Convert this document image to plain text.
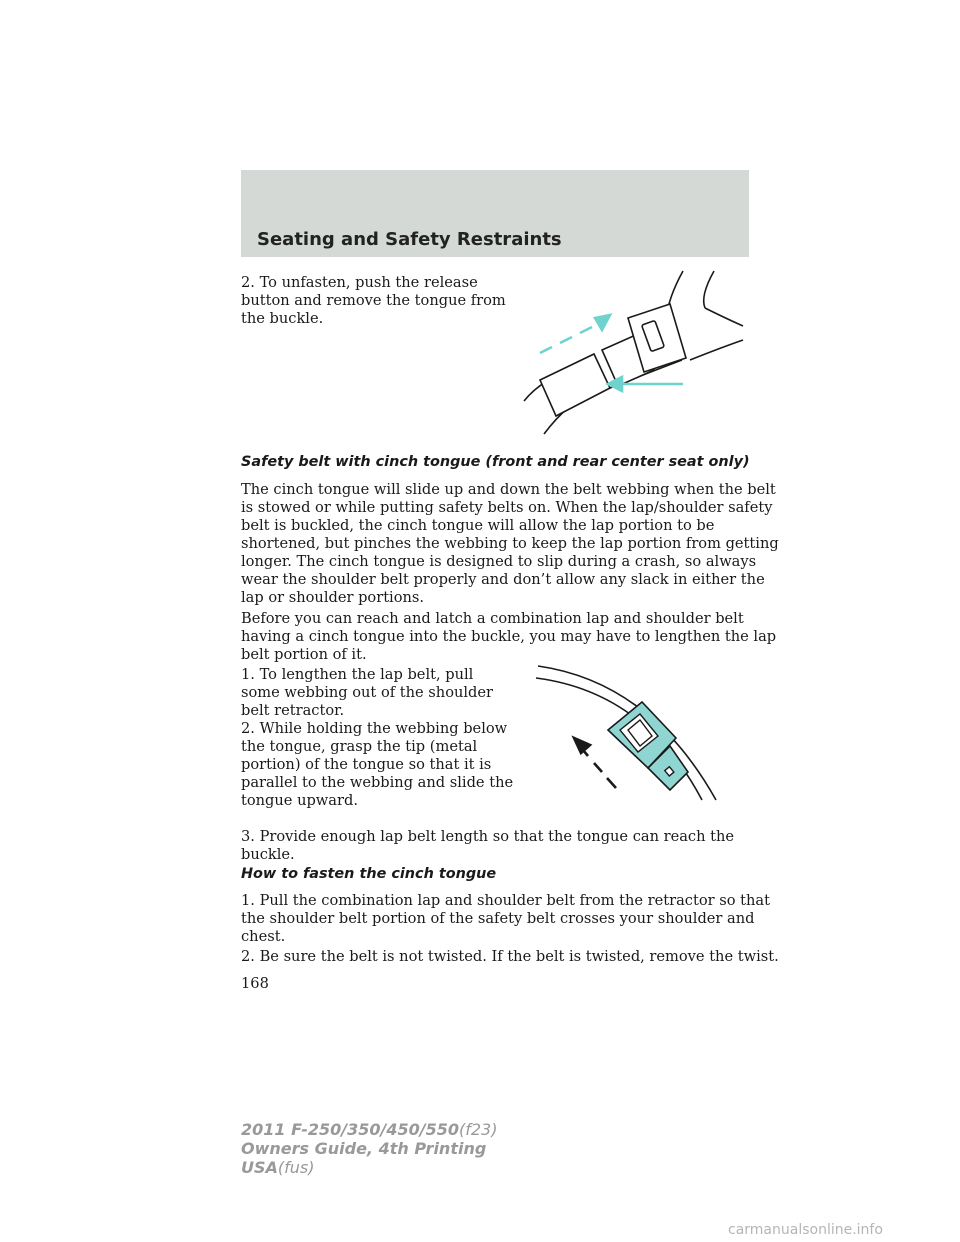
Seating and Safety Restraints

2. To unfasten, push the release
button and remove the tongue from
the buckle.

Safety belt with cinch tongue (front and rear center seat only)

The cinch tongue will slide up and down the belt webbing when the belt
is stowed or while putting safety belts on. When the lap/shoulder safety
belt is buckled, the cinch tongue will allow the lap portion to be
shortened, but pinches the webbing to keep the lap portion from getting
longer. The cinch tongue is designed to slip during a crash, so always
wear the shoulder belt properly and don’t allow any slack in either the
lap or shoulder portions.

Before you can reach and latch a combination lap and shoulder belt
having a cinch tongue into the buckle, you may have to lengthen the lap
belt portion of it.

1. To lengthen the lap belt, pull
some webbing out of the shoulder
belt retractor.

2. While holding the webbing below
the tongue, grasp the tip (metal
portion) of the tongue so that it is
parallel to the webbing and slide the
tongue upward.

3. Provide enough lap belt length so that the tongue can reach the
buckle.

How to fasten the cinch tongue

1. Pull the combination lap and shoulder belt from the retractor so that
the shoulder belt portion of the safety belt crosses your shoulder and
chest.

2. Be sure the belt is not twisted. If the belt is twisted, remove the twist.

168
2011 F-250/350/450/550(f23)
Owners Guide, 4th Printing
USA(fus)
carmanualsonline.info
